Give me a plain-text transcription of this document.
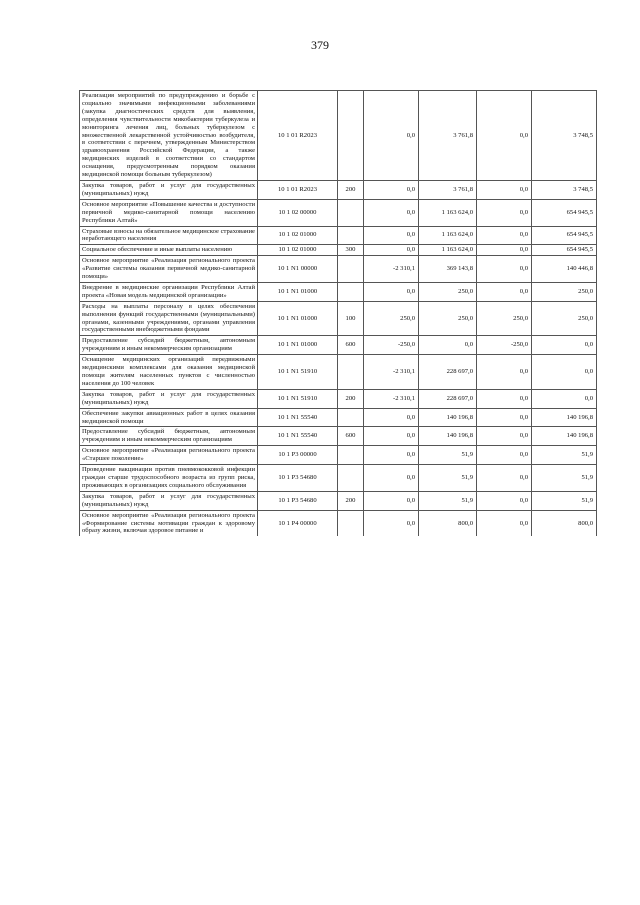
379
Реализация мероприятий по предупреждению и борьбе с социально значимыми инфекционными заболеваниями (закупка диагностических средств для выявления, определения чувствительности микобактерии туберкулеза и мониторинга лечения лиц, больных туберкулезом с множественной лекарственной устойчивостью возбудителя, в соответствии с перечнем, утвержденным Министерством здравоохранения Российской Федерации, а также медицинских изделий в соответствии со стандартом оснащения, предусмотренным порядком оказания медицинской помощи больным туберкулезом)	10 1 01 R2023		0,0	3 761,8	0,0	3 748,5
Закупка товаров, работ и услуг для государственных (муниципальных) нужд	10 1 01 R2023	200	0,0	3 761,8	0,0	3 748,5
Основное мероприятие «Повышение качества и доступности первичной медико-санитарной помощи населению Республики Алтай»	10 1 02 00000		0,0	1 163 624,0	0,0	654 945,5
Страховые взносы на обязательное медицинское страхование неработающего населения	10 1 02 01000		0,0	1 163 624,0	0,0	654 945,5
Социальное обеспечение и иные выплаты населению	10 1 02 01000	300	0,0	1 163 624,0	0,0	654 945,5
Основное мероприятие «Реализация регионального проекта «Развитие системы оказания первичной медико-санитарной помощи»	10 1 N1 00000		-2 310,1	369 143,8	0,0	140 446,8
Внедрение в медицинские организации Республики Алтай проекта «Новая модель медицинской организации»	10 1 N1 01000		0,0	250,0	0,0	250,0
Расходы на выплаты персоналу в целях обеспечения выполнения функций государственными (муниципальными) органами, казенными учреждениями, органами управления государственными внебюджетными фондами	10 1 N1 01000	100	250,0	250,0	250,0	250,0
Предоставление субсидий бюджетным, автономным учреждениям и иным некоммерческим организациям	10 1 N1 01000	600	-250,0	0,0	-250,0	0,0
Оснащение медицинских организаций передвижными медицинскими комплексами для оказания медицинской помощи жителям населенных пунктов с численностью населения до 100 человек	10 1 N1 51910		-2 310,1	228 697,0	0,0	0,0
Закупка товаров, работ и услуг для государственных (муниципальных) нужд	10 1 N1 51910	200	-2 310,1	228 697,0	0,0	0,0
Обеспечение закупки авиационных работ в целях оказания медицинской помощи	10 1 N1 55540		0,0	140 196,8	0,0	140 196,8
Предоставление субсидий бюджетным, автономным учреждениям и иным некоммерческим организациям	10 1 N1 55540	600	0,0	140 196,8	0,0	140 196,8
Основное мероприятие «Реализация регионального проекта «Старшее поколение»	10 1 P3 00000		0,0	51,9	0,0	51,9
Проведение вакцинации против пневмококковой инфекции граждан старше трудоспособного возраста из групп риска, проживающих в организациях социального обслуживания	10 1 P3 54680		0,0	51,9	0,0	51,9
Закупка товаров, работ и услуг для государственных (муниципальных) нужд	10 1 P3 54680	200	0,0	51,9	0,0	51,9
Основное мероприятие «Реализация регионального проекта «Формирование системы мотивации граждан к здоровому образу жизни, включая здоровое питание и	10 1 P4 00000		0,0	800,0	0,0	800,0
